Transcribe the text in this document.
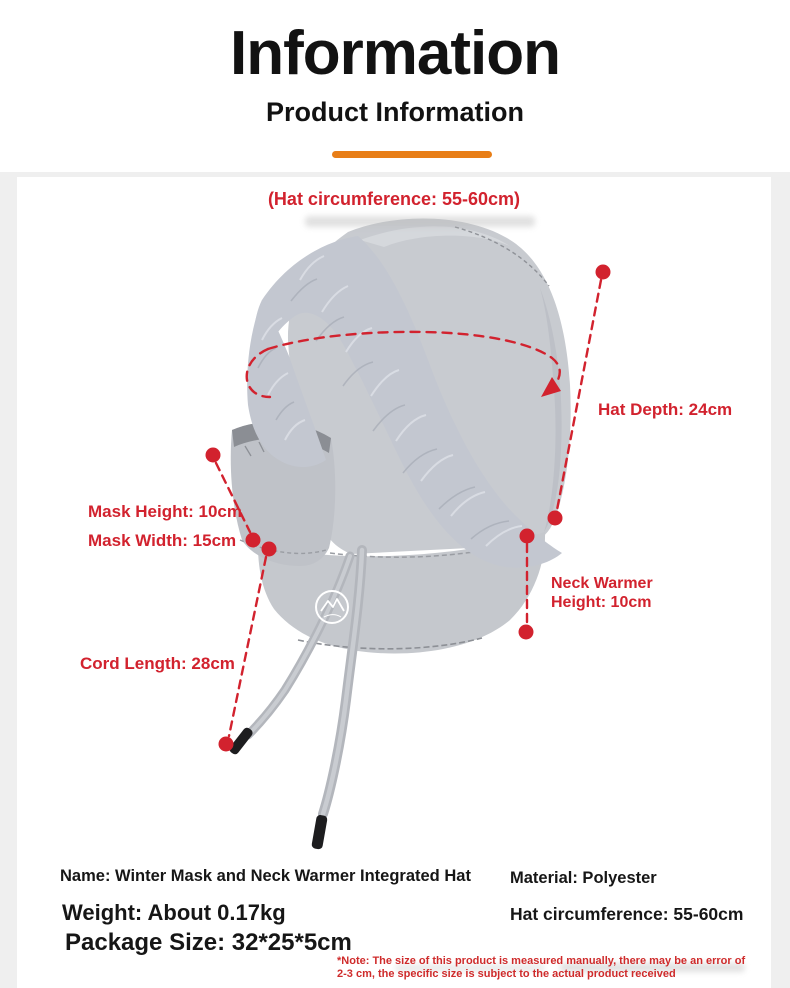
Information
Product Information
(Hat circumference: 55-60cm)
Hat Depth: 24cm
Mask Height: 10cm
Mask Width: 15cm
Neck Warmer
Height: 10cm
Cord Length: 28cm
Name: Winter Mask and Neck Warmer Integrated Hat Material: Polyester
Weight: About 0.17kg	Hat circumference: 55-60cm
Package Size: 32*25*5cm
*Note: The size of this product is measured manually, there may be an error of
2-3 cm, the specific size is subject to the actual product received
